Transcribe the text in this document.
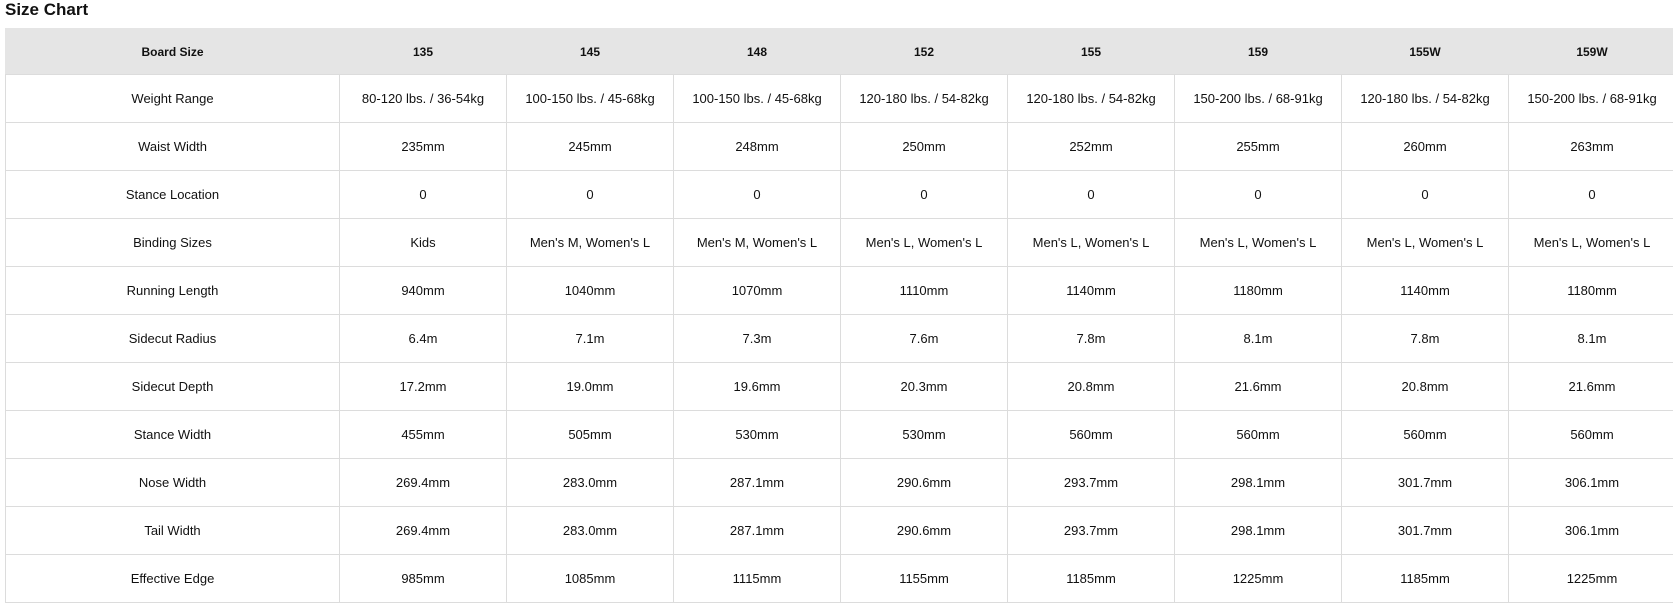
Size Chart
Board Size	135	145	148	152	155	159	155W	159W
Weight Range	80-120 lbs. / 36-54kg	100-150 lbs. / 45-68kg	100-150 lbs. / 45-68kg	120-180 lbs. / 54-82kg	120-180 lbs. / 54-82kg	150-200 lbs. / 68-91kg	120-180 lbs. / 54-82kg	150-200 lbs. / 68-91kg
Waist Width	235mm	245mm	248mm	250mm	252mm	255mm	260mm	263mm
Stance Location	0	0	0	0	0	0	0	0
Binding Sizes	Kids	Men's M, Women's L	Men's M, Women's L	Men's L, Women's L	Men's L, Women's L	Men's L, Women's L	Men's L, Women's L	Men's L, Women's L
Running Length	940mm	1040mm	1070mm	1110mm	1140mm	1180mm	1140mm	1180mm
Sidecut Radius	6.4m	7.1m	7.3m	7.6m	7.8m	8.1m	7.8m	8.1m
Sidecut Depth	17.2mm	19.0mm	19.6mm	20.3mm	20.8mm	21.6mm	20.8mm	21.6mm
Stance Width	455mm	505mm	530mm	530mm	560mm	560mm	560mm	560mm
Nose Width	269.4mm	283.0mm	287.1mm	290.6mm	293.7mm	298.1mm	301.7mm	306.1mm
Tail Width	269.4mm	283.0mm	287.1mm	290.6mm	293.7mm	298.1mm	301.7mm	306.1mm
Effective Edge	985mm	1085mm	1115mm	1155mm	1185mm	1225mm	1185mm	1225mm
